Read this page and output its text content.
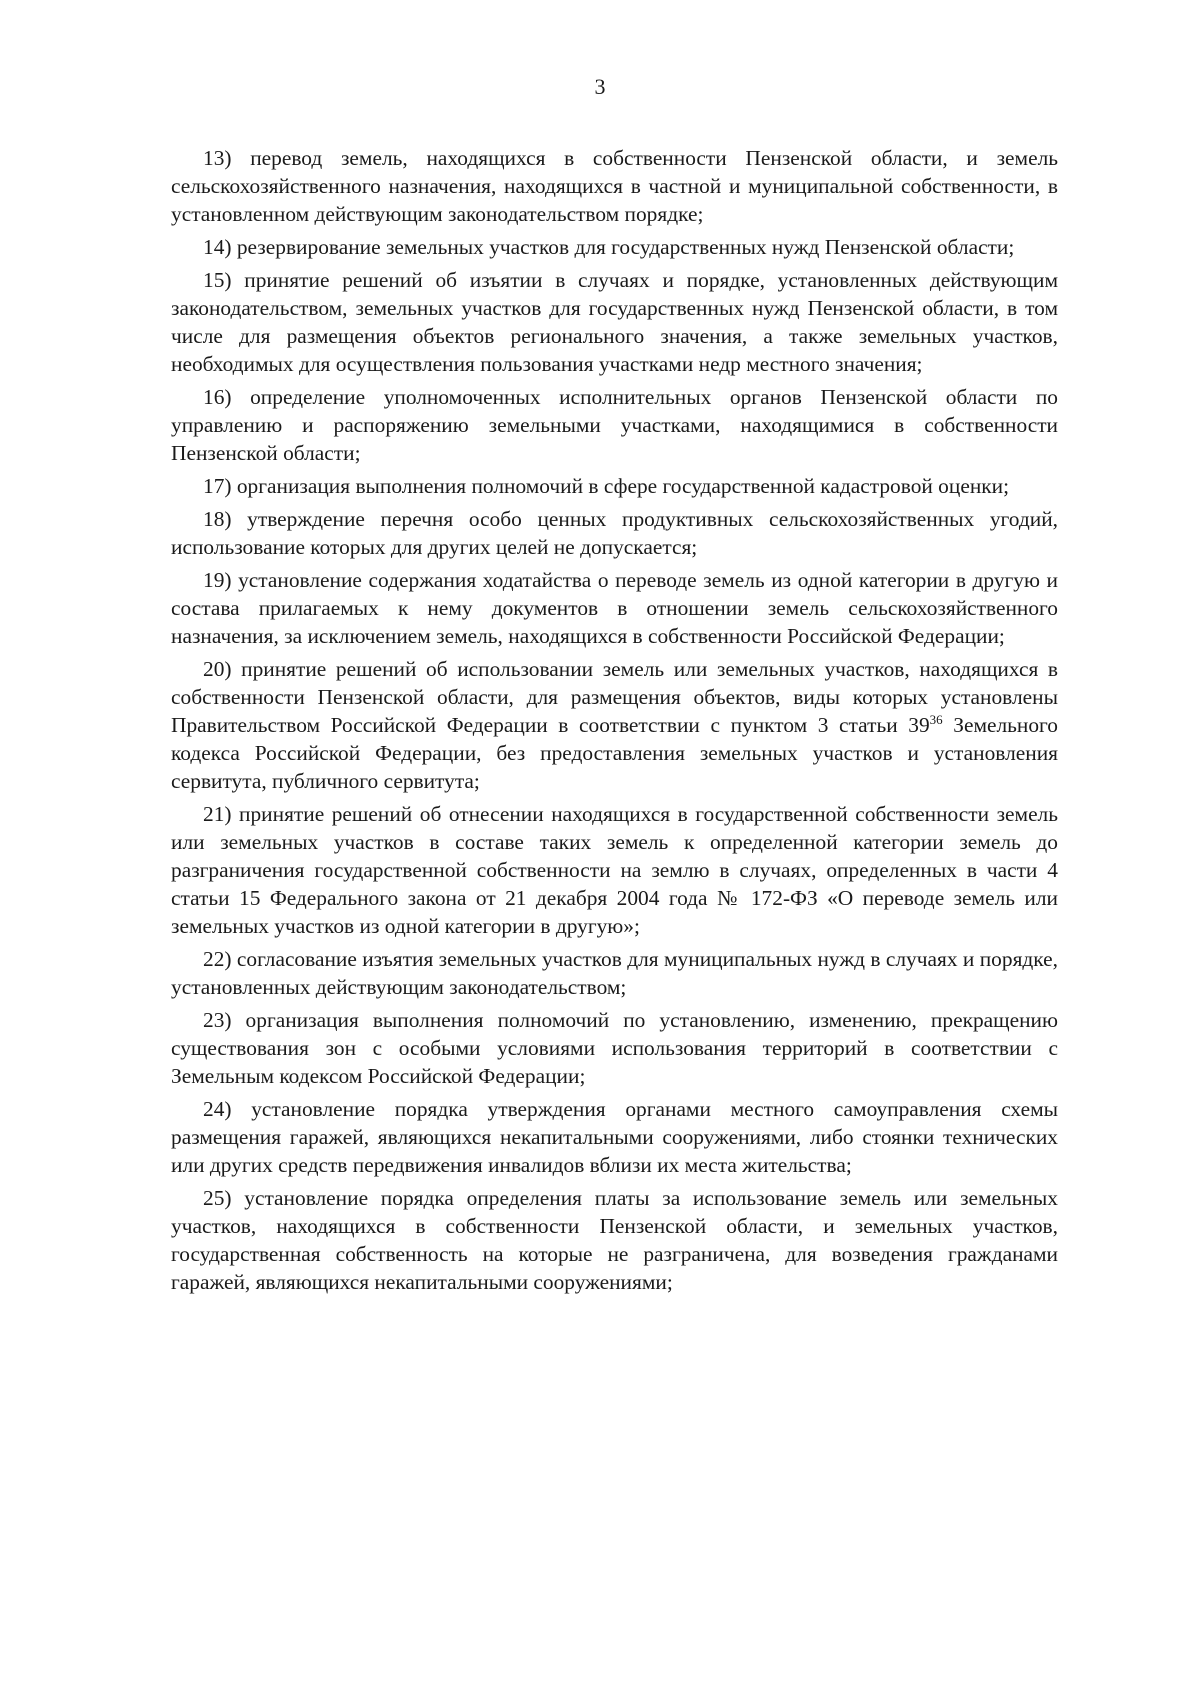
3

13) перевод земель, находящихся в собственности Пензенской области, и земель сельскохозяйственного назначения, находящихся в частной и муниципальной собственности, в установленном действующим законодательством порядке;

14) резервирование земельных участков для государственных нужд Пензенской области;

15) принятие решений об изъятии в случаях и порядке, установленных действующим законодательством, земельных участков для государственных нужд Пензенской области, в том числе для размещения объектов регионального значения, а также земельных участков, необходимых для осуществления пользования участками недр местного значения;

16) определение уполномоченных исполнительных органов Пензенской области по управлению и распоряжению земельными участками, находящимися в собственности Пензенской области;

17) организация выполнения полномочий в сфере государственной кадастровой оценки;

18) утверждение перечня особо ценных продуктивных сельскохозяйственных угодий, использование которых для других целей не допускается;

19) установление содержания ходатайства о переводе земель из одной категории в другую и состава прилагаемых к нему документов в отношении земель сельскохозяйственного назначения, за исключением земель, находящихся в собственности Российской Федерации;

20) принятие решений об использовании земель или земельных участков, находящихся в собственности Пензенской области, для размещения объектов, виды которых установлены Правительством Российской Федерации в соответствии с пунктом 3 статьи $39^{36}$ Земельного кодекса Российской Федерации, без предоставления земельных участков и установления сервитута, публичного сервитута;

21) принятие решений об отнесении находящихся в государственной собственности земель или земельных участков в составе таких земель к определенной категории земель до разграничения государственной собственности на землю в случаях, определенных в части 4 статьи 15 Федерального закона от 21 декабря 2004 года № 172-ФЗ «О переводе земель или земельных участков из одной категории в другую»;

22) согласование изъятия земельных участков для муниципальных нужд в случаях и порядке, установленных действующим законодательством;

23) организация выполнения полномочий по установлению, изменению, прекращению существования зон с особыми условиями использования территорий в соответствии с Земельным кодексом Российской Федерации;

24) установление порядка утверждения органами местного самоуправления схемы размещения гаражей, являющихся некапитальными сооружениями, либо стоянки технических или других средств передвижения инвалидов вблизи их места жительства;

25) установление порядка определения платы за использование земель или земельных участков, находящихся в собственности Пензенской области, и земельных участков, государственная собственность на которые не разграничена, для возведения гражданами гаражей, являющихся некапитальными сооружениями;
